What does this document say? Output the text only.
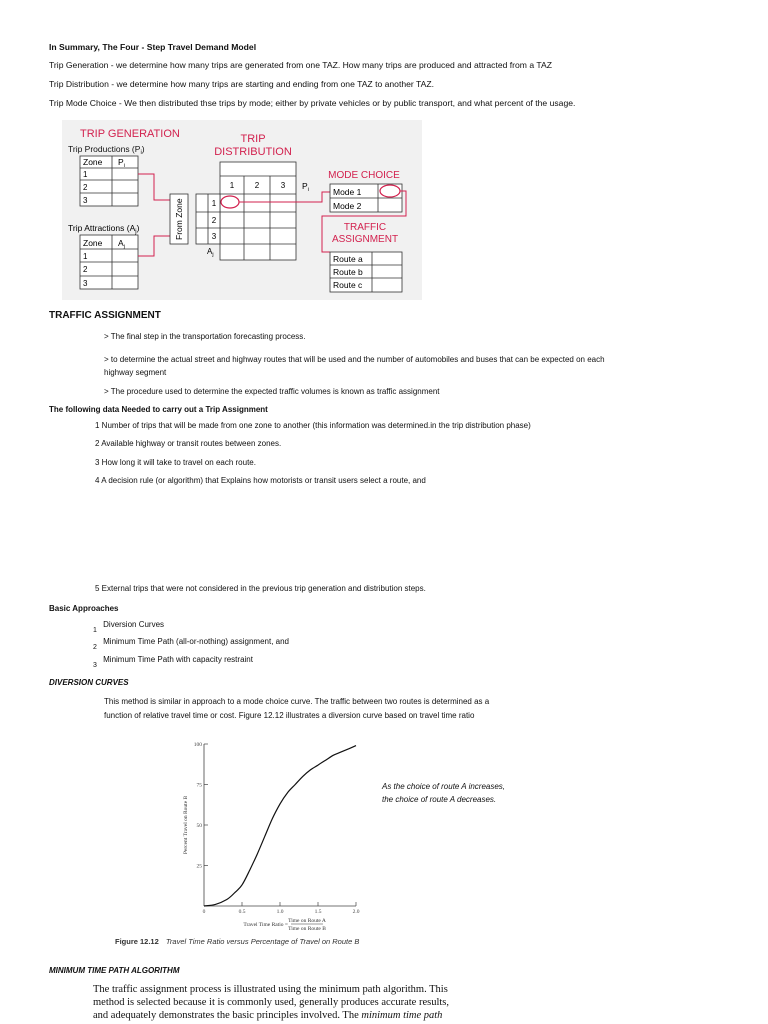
In Summary, The Four - Step Travel Demand Model
Trip Generation - we determine how many trips are generated from one TAZ. How many trips are produced and attracted from a TAZ
Trip Distribution - we determine how many trips are starting and ending from one TAZ to another TAZ.
Trip Mode Choice - We then distributed thse trips by mode; either by private vehicles or by public transport, and what percent of the usage.
TRIP GENERATION
Trip Productions $(P_i)$
Zone $P_i$
1
2
3
Trip Attractions $(A_j)$
Zone $A_j$
1
2
3
TRIP
DISTRIBUTION
1	2	3 $P_i$
1
2
3
$A_j$
From Zone
MODE CHOICE
Mode 1
Mode 2
TRAFFIC
ASSIGNMENT
Route a
Route b
Route c
TRAFFIC ASSIGNMENT
> The final step in the transportation forecasting process.
> to determine the actual street and highway routes that will be used and the number of automobiles and buses that can be expected on each
highway segment
> The procedure used to determine the expected traffic volumes is known as traffic assignment
The following data Needed to carry out a Trip Assignment
1 Number of trips that will be made from one zone to another (this information was determined.in the trip distribution phase)
2 Available highway or transit routes between zones.
3 How long it will take to travel on each route.
4 A decision rule (or algorithm) that Explains how motorists or transit users select a route, and
5 External trips that were not considered in the previous trip generation and distribution steps.
Basic Approaches
1 Diversion Curves
2 Minimum Time Path (all-or-nothing) assignment, and
3 Minimum Time Path with capacity restraint
DIVERSION CURVES
This method is similar in approach to a mode choice curve. The traffic between two routes is determined as a
function of relative travel time or cost. Figure 12.12 illustrates a diversion curve based on travel time ratio
25
50
75
100
0.5	1.0	1.5	2.0
0
Percent Travel on Route B
Travel Time Ratio =
Time on Route A
Time on Route B
As the choice of route A increases,
the choice of route A decreases.
Figure 12.12 Travel Time Ratio versus Percentage of Travel on Route B
MINIMUM TIME PATH ALGORITHM
The traffic assignment process is illustrated using the minimum path algorithm. This
method is selected because it is commonly used, generally produces accurate results,
and adequately demonstrates the basic principles involved. The minimum time path
